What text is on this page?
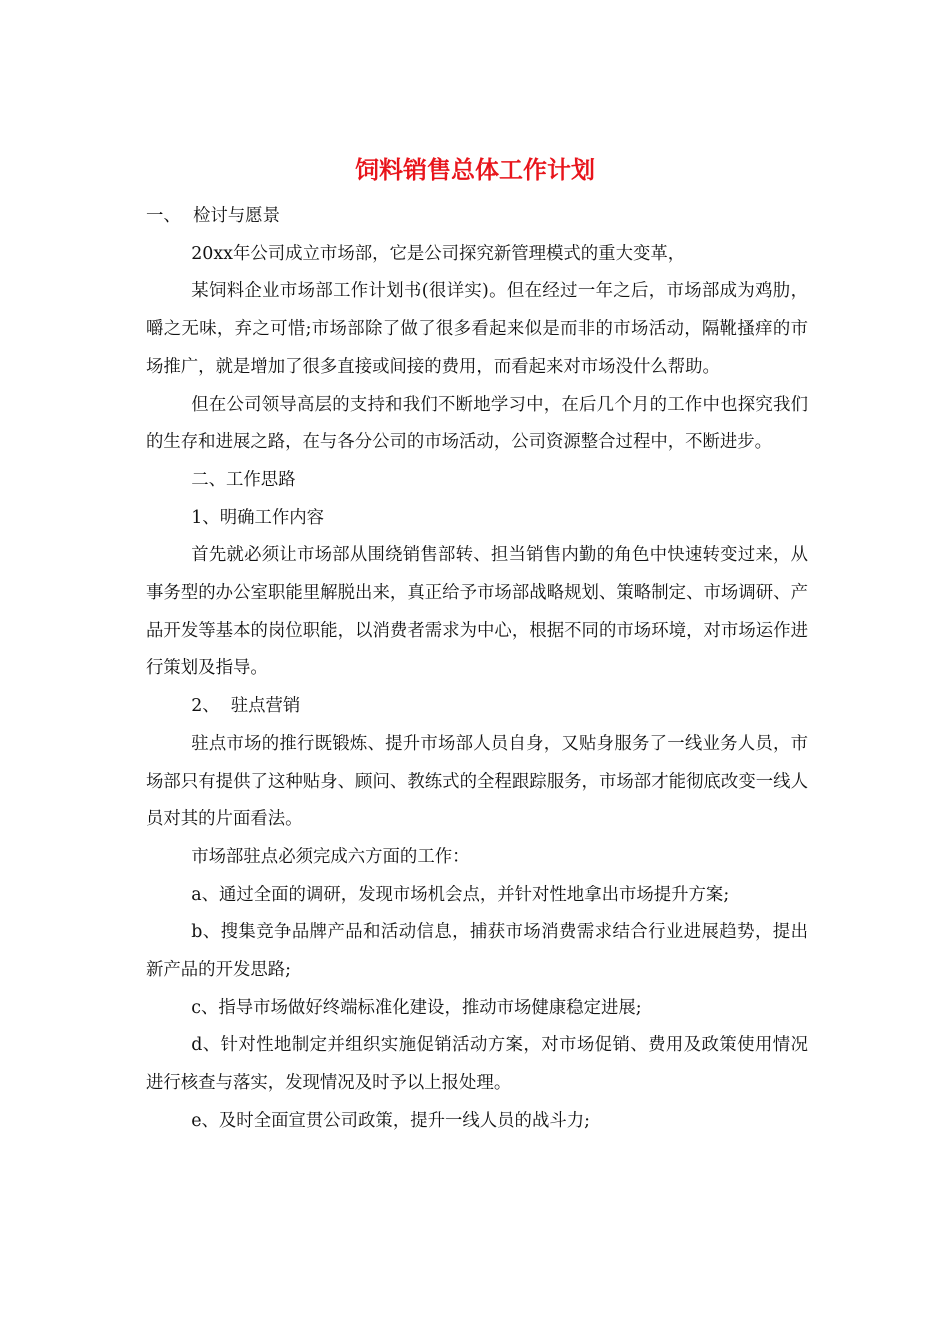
饲料销售总体工作计划
一、 检讨与愿景

20xx年公司成立市场部，它是公司探究新管理模式的重大变革，

某饲料企业市场部工作计划书(很详实)。但在经过一年之后，市场部成为鸡肋，嚼之无味，弃之可惜;市场部除了做了很多看起来似是而非的市场活动，隔靴搔痒的市场推广，就是增加了很多直接或间接的费用，而看起来对市场没什么帮助。

但在公司领导高层的支持和我们不断地学习中，在后几个月的工作中也探究我们的生存和进展之路，在与各分公司的市场活动，公司资源整合过程中，不断进步。

二、工作思路

1、明确工作内容

首先就必须让市场部从围绕销售部转、担当销售内勤的角色中快速转变过来，从事务型的办公室职能里解脱出来，真正给予市场部战略规划、策略制定、市场调研、产品开发等基本的岗位职能，以消费者需求为中心，根据不同的市场环境，对市场运作进行策划及指导。

2、  驻点营销

驻点市场的推行既锻炼、提升市场部人员自身，又贴身服务了一线业务人员，市场部只有提供了这种贴身、顾问、教练式的全程跟踪服务，市场部才能彻底改变一线人员对其的片面看法。

市场部驻点必须完成六方面的工作：

a、通过全面的调研，发现市场机会点，并针对性地拿出市场提升方案;

b、搜集竞争品牌产品和活动信息，捕获市场消费需求结合行业进展趋势，提出新产品的开发思路;

c、指导市场做好终端标准化建设，推动市场健康稳定进展;

d、针对性地制定并组织实施促销活动方案，对市场促销、费用及政策使用情况进行核查与落实，发现情况及时予以上报处理。

e、及时全面宣贯公司政策，提升一线人员的战斗力;
